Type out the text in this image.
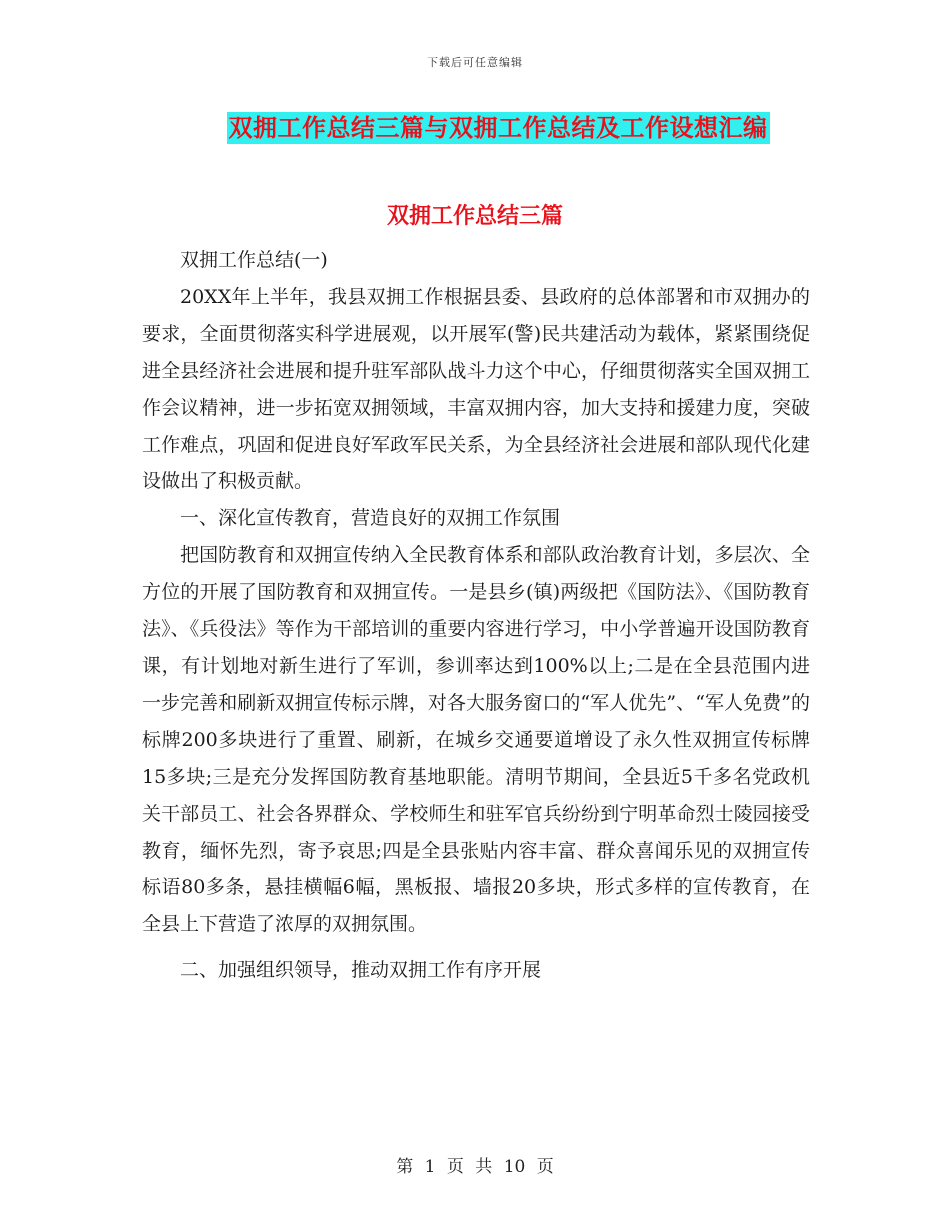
下载后可任意编辑
双拥工作总结三篇与双拥工作总结及工作设想汇编
双拥工作总结三篇

双拥工作总结(一)

20XX年上半年，我县双拥工作根据县委、县政府的总体部署和市双拥办的要求，全面贯彻落实科学进展观，以开展军(警)民共建活动为载体，紧紧围绕促进全县经济社会进展和提升驻军部队战斗力这个中心，仔细贯彻落实全国双拥工作会议精神，进一步拓宽双拥领域，丰富双拥内容，加大支持和援建力度，突破工作难点，巩固和促进良好军政军民关系，为全县经济社会进展和部队现代化建设做出了积极贡献。

一、深化宣传教育，营造良好的双拥工作氛围

把国防教育和双拥宣传纳入全民教育体系和部队政治教育计划，多层次、全方位的开展了国防教育和双拥宣传。一是县乡(镇)两级把《国防法》、《国防教育法》、《兵役法》等作为干部培训的重要内容进行学习，中小学普遍开设国防教育课，有计划地对新生进行了军训，参训率达到100%以上;二是在全县范围内进一步完善和刷新双拥宣传标示牌，对各大服务窗口的“军人优先”、“军人免费”的标牌200多块进行了重置、刷新，在城乡交通要道增设了永久性双拥宣传标牌15多块;三是充分发挥国防教育基地职能。清明节期间，全县近5千多名党政机关干部员工、社会各界群众、学校师生和驻军官兵纷纷到宁明革命烈士陵园接受教育，缅怀先烈，寄予哀思;四是全县张贴内容丰富、群众喜闻乐见的双拥宣传标语80多条，悬挂横幅6幅，黑板报、墙报20多块，形式多样的宣传教育，在全县上下营造了浓厚的双拥氛围。

二、加强组织领导，推动双拥工作有序开展

第 1 页 共 10 页
